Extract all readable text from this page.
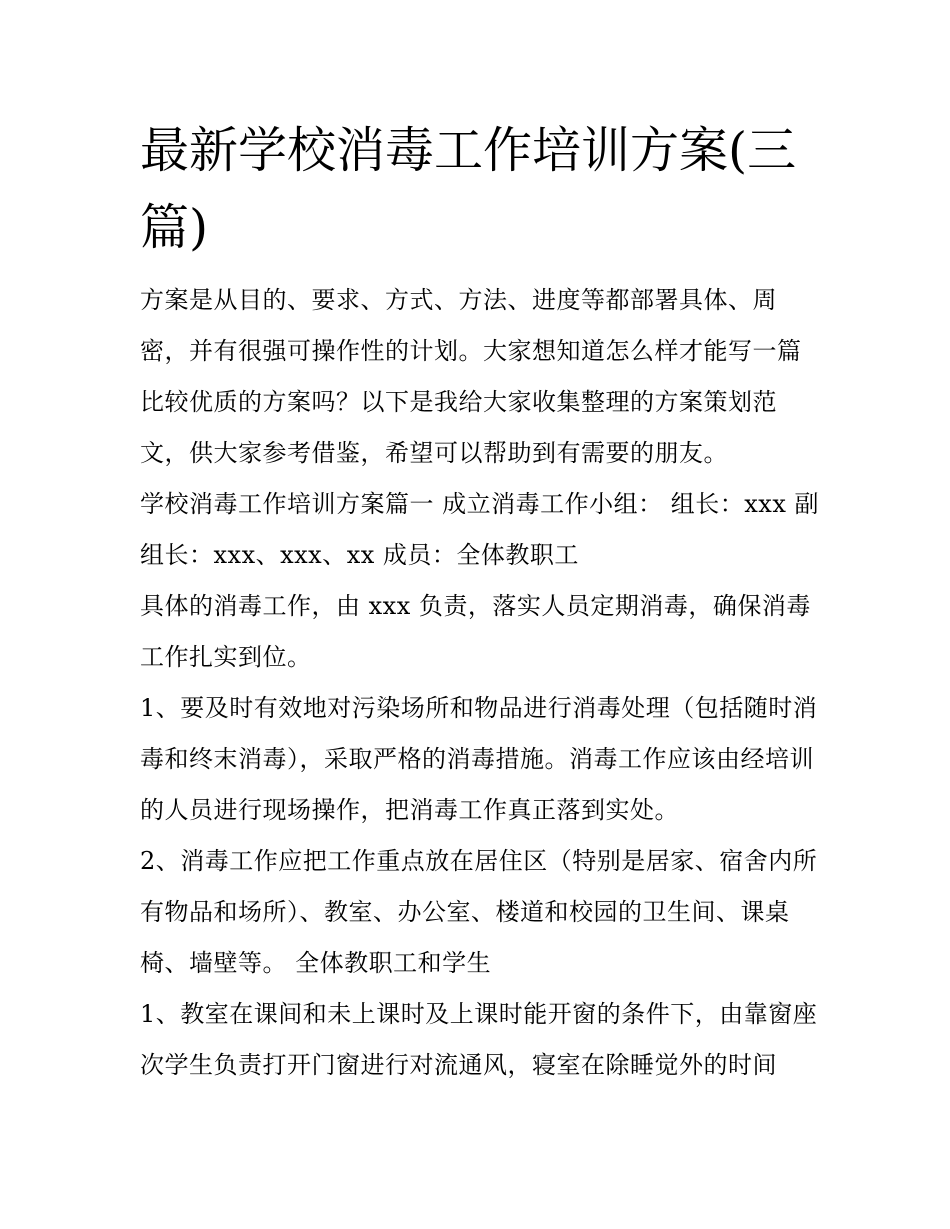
最新学校消毒工作培训方案(三篇)

方案是从目的、要求、方式、方法、进度等都部署具体、周密，并有很强可操作性的计划。大家想知道怎么样才能写一篇比较优质的方案吗？以下是我给大家收集整理的方案策划范文，供大家参考借鉴，希望可以帮助到有需要的朋友。

学校消毒工作培训方案篇一 成立消毒工作小组： 组长：xxx 副组长：xxx、xxx、xx 成员：全体教职工

具体的消毒工作，由 xxx 负责，落实人员定期消毒，确保消毒工作扎实到位。

1、要及时有效地对污染场所和物品进行消毒处理（包括随时消毒和终末消毒），采取严格的消毒措施。消毒工作应该由经培训的人员进行现场操作，把消毒工作真正落到实处。

2、消毒工作应把工作重点放在居住区（特别是居家、宿舍内所有物品和场所）、教室、办公室、楼道和校园的卫生间、课桌椅、墙壁等。 全体教职工和学生

1、教室在课间和未上课时及上课时能开窗的条件下，由靠窗座次学生负责打开门窗进行对流通风，寝室在除睡觉外的时间
